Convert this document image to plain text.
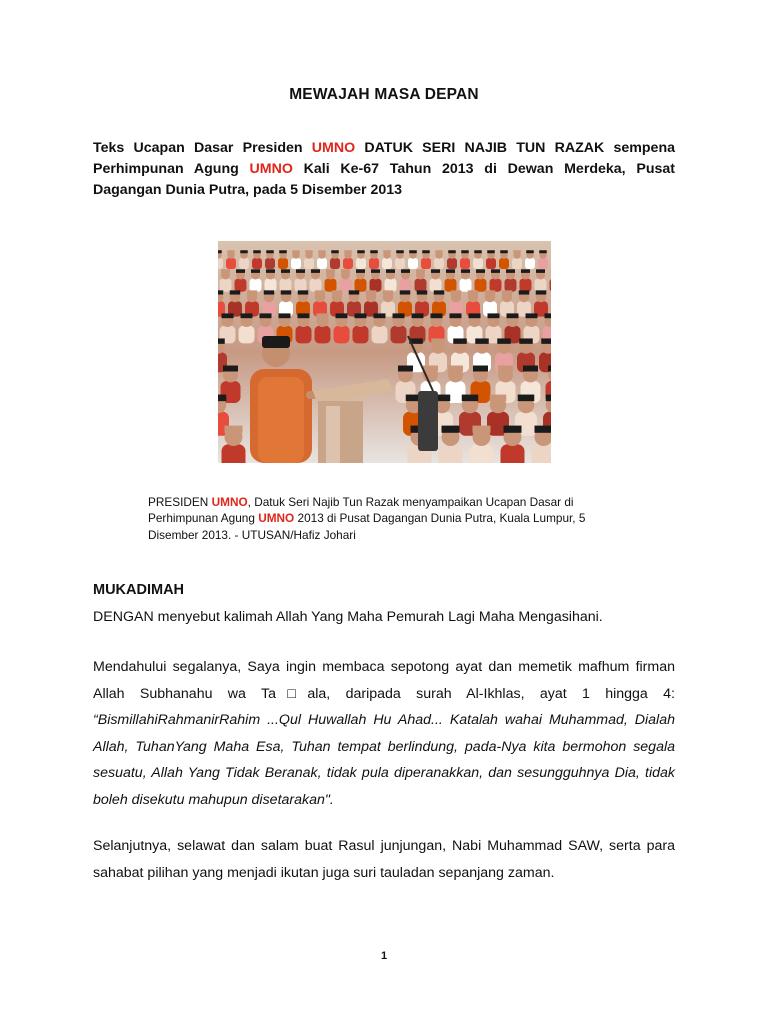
MEWAJAH MASA DEPAN
Teks Ucapan Dasar Presiden UMNO DATUK SERI NAJIB TUN RAZAK sempena Perhimpunan Agung UMNO Kali Ke-67 Tahun 2013 di Dewan Merdeka, Pusat Dagangan Dunia Putra, pada 5 Disember 2013
PRESIDEN UMNO, Datuk Seri Najib Tun Razak menyampaikan Ucapan Dasar di Perhimpunan Agung UMNO 2013 di Pusat Dagangan Dunia Putra, Kuala Lumpur, 5 Disember 2013. - UTUSAN/Hafiz Johari
MUKADIMAH
DENGAN menyebut kalimah Allah Yang Maha Pemurah Lagi Maha Mengasihani.
Mendahului segalanya, Saya ingin membaca sepotong ayat dan memetik mafhum firman Allah Subhanahu wa Ta□ala, daripada surah Al-Ikhlas, ayat 1 hingga 4: “BismillahiRahmanirRahim ...Qul Huwallah Hu Ahad... Katalah wahai Muhammad, Dialah Allah, TuhanYang Maha Esa, Tuhan tempat berlindung, pada-Nya kita bermohon segala sesuatu, Allah Yang Tidak Beranak, tidak pula diperanakkan, dan sesungguhnya Dia, tidak boleh disekutu mahupun disetarakan".
Selanjutnya, selawat dan salam buat Rasul junjungan, Nabi Muhammad SAW, serta para sahabat pilihan yang menjadi ikutan juga suri tauladan sepanjang zaman.
1
